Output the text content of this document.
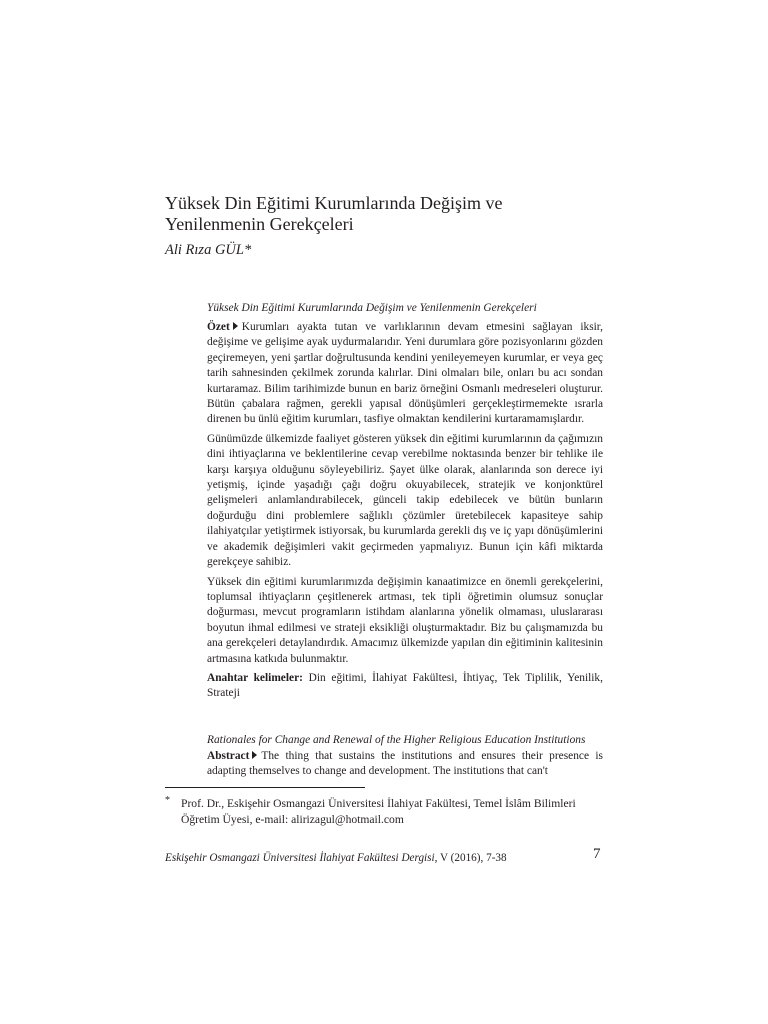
Yüksek Din Eğitimi Kurumlarında Değişim ve Yenilenmenin Gerekçeleri
Ali Rıza GÜL*
Yüksek Din Eğitimi Kurumlarında Değişim ve Yenilenmenin Gerekçeleri

Özet Kurumları ayakta tutan ve varlıklarının devam etmesini sağlayan iksir, değişime ve gelişime ayak uydurmalarıdır. Yeni durumlara göre pozisyonlarını gözden geçiremeyen, yeni şartlar doğrultusunda kendini yenileyemeyen kurumlar, er veya geç tarih sahnesinden çekilmek zorunda kalırlar. Dini olmaları bile, onları bu acı sondan kurtaramaz. Bilim tarihimizde bunun en bariz örneğini Osmanlı medreseleri oluşturur. Bütün çabalara rağmen, gerekli yapısal dönüşümleri gerçekleştirmemekte ısrarla direnen bu ünlü eğitim kurumları, tasfiye olmaktan kendilerini kurtaramamışlardır.

Günümüzde ülkemizde faaliyet gösteren yüksek din eğitimi kurumlarının da çağımızın dini ihtiyaçlarına ve beklentilerine cevap verebilme noktasında benzer bir tehlike ile karşı karşıya olduğunu söyleyebiliriz. Şayet ülke olarak, alanlarında son derece iyi yetişmiş, içinde yaşadığı çağı doğru okuyabilecek, stratejik ve konjonktürel gelişmeleri anlamlandırabilecek, günceli takip edebilecek ve bütün bunların doğurduğu dini problemlere sağlıklı çözümler üretebilecek kapasiteye sahip ilahiyatçılar yetiştirmek istiyorsak, bu kurumlarda gerekli dış ve iç yapı dönüşümlerini ve akademik değişimleri vakit geçirmeden yapmalıyız. Bunun için kâfi miktarda gerekçeye sahibiz.

Yüksek din eğitimi kurumlarımızda değişimin kanaatimizce en önemli gerekçelerini, toplumsal ihtiyaçların çeşitlenerek artması, tek tipli öğretimin olumsuz sonuçlar doğurması, mevcut programların istihdam alanlarına yönelik olmaması, uluslararası boyutun ihmal edilmesi ve strateji eksikliği oluşturmaktadır. Biz bu çalışmamızda bu ana gerekçeleri detaylandırdık. Amacımız ülkemizde yapılan din eğitiminin kalitesinin artmasına katkıda bulunmaktır.

Anahtar kelimeler: Din eğitimi, İlahiyat Fakültesi, İhtiyaç, Tek Tiplilik, Yenilik, Strateji

Rationales for Change and Renewal of the Higher Religious Education Institutions

Abstract The thing that sustains the institutions and ensures their presence is adapting themselves to change and development. The institutions that can't

* Prof. Dr., Eskişehir Osmangazi Üniversitesi İlahiyat Fakültesi, Temel İslâm Bilimleri Öğretim Üyesi, e-mail: alirizagul@hotmail.com
Eskişehir Osmangazi Üniversitesi İlahiyat Fakültesi Dergisi, V (2016), 7-38	7
